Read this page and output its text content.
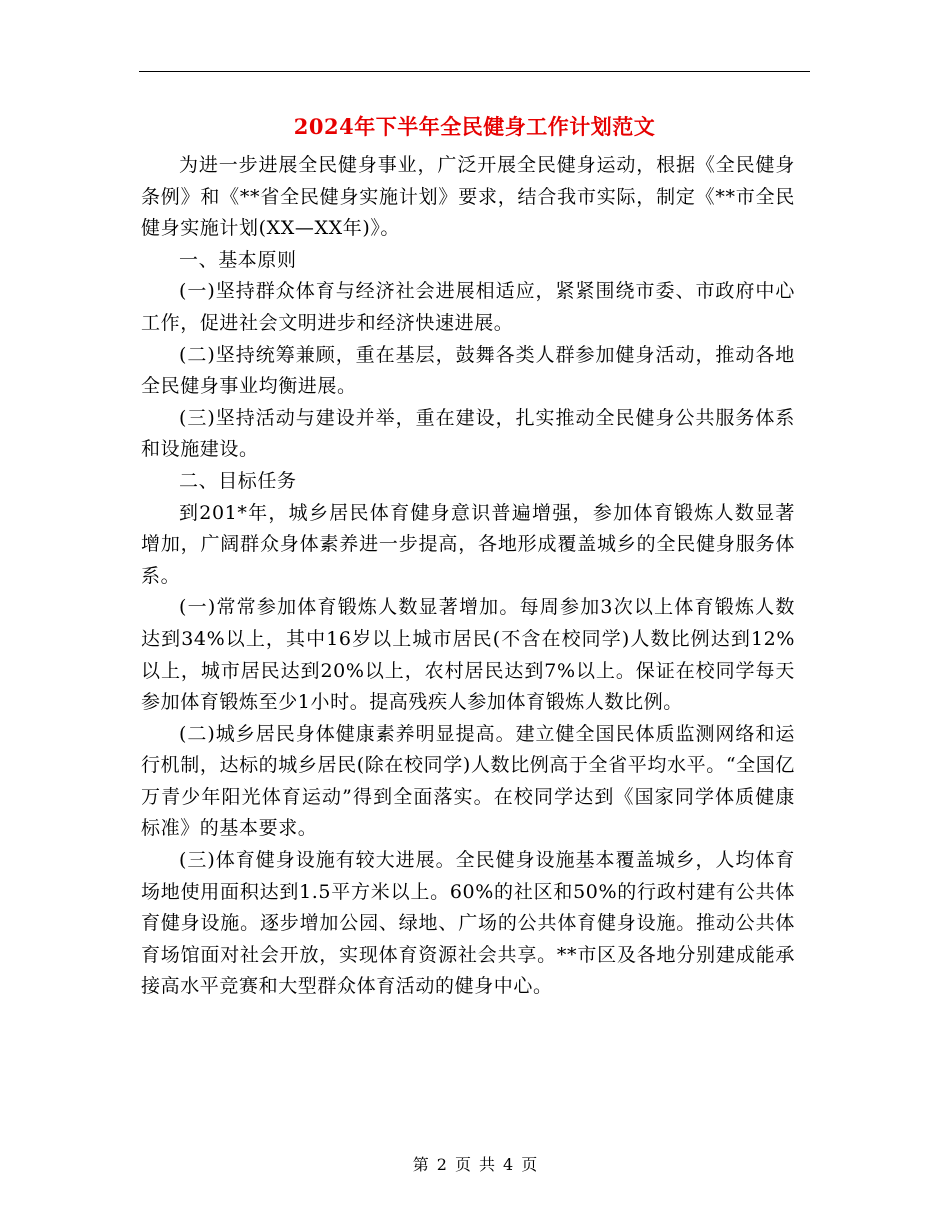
2024年下半年全民健身工作计划范文

为进一步进展全民健身事业，广泛开展全民健身运动，根据《全民健身条例》和《**省全民健身实施计划》要求，结合我市实际，制定《**市全民健身实施计划(XX—XX年)》。

一、基本原则

(一)坚持群众体育与经济社会进展相适应，紧紧围绕市委、市政府中心工作，促进社会文明进步和经济快速进展。

(二)坚持统筹兼顾，重在基层，鼓舞各类人群参加健身活动，推动各地全民健身事业均衡进展。

(三)坚持活动与建设并举，重在建设，扎实推动全民健身公共服务体系和设施建设。

二、目标任务

到201*年，城乡居民体育健身意识普遍增强，参加体育锻炼人数显著增加，广阔群众身体素养进一步提高，各地形成覆盖城乡的全民健身服务体系。

(一)常常参加体育锻炼人数显著增加。每周参加3次以上体育锻炼人数达到34%以上，其中16岁以上城市居民(不含在校同学)人数比例达到12%以上，城市居民达到20%以上，农村居民达到7%以上。保证在校同学每天参加体育锻炼至少1小时。提高残疾人参加体育锻炼人数比例。

(二)城乡居民身体健康素养明显提高。建立健全国民体质监测网络和运行机制，达标的城乡居民(除在校同学)人数比例高于全省平均水平。“全国亿万青少年阳光体育运动”得到全面落实。在校同学达到《国家同学体质健康标准》的基本要求。

(三)体育健身设施有较大进展。全民健身设施基本覆盖城乡，人均体育场地使用面积达到1.5平方米以上。60%的社区和50%的行政村建有公共体育健身设施。逐步增加公园、绿地、广场的公共体育健身设施。推动公共体育场馆面对社会开放，实现体育资源社会共享。**市区及各地分别建成能承接高水平竞赛和大型群众体育活动的健身中心。

第 2 页 共 4 页
